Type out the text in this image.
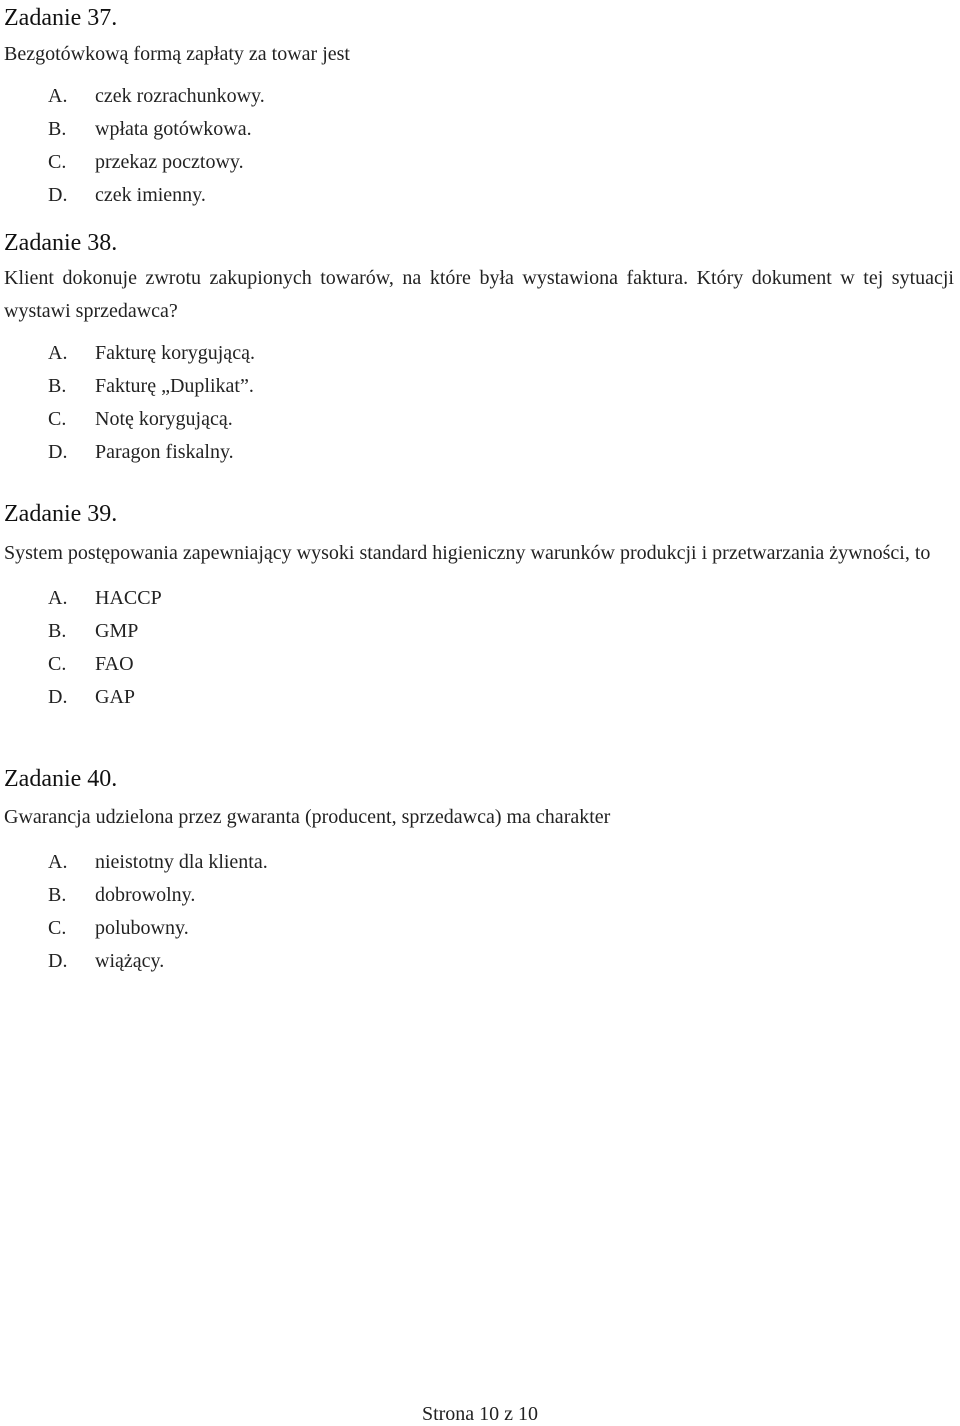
Zadanie 37.

Bezgotówkową formą zapłaty za towar jest

A. czek rozrachunkowy.
B. wpłata gotówkowa.
C. przekaz pocztowy.
D. czek imienny.
Zadanie 38.

Klient dokonuje zwrotu zakupionych towarów, na które była wystawiona faktura. Który dokument w tej sytuacji wystawi sprzedawca?

A. Fakturę korygującą.
B. Fakturę „Duplikat”.
C. Notę korygującą.
D. Paragon fiskalny.
Zadanie 39.

System postępowania zapewniający wysoki standard higieniczny warunków produkcji i przetwarzania żywności, to

A. HACCP
B. GMP
C. FAO
D. GAP
Zadanie 40.

Gwarancja udzielona przez gwaranta (producent, sprzedawca) ma charakter

A. nieistotny dla klienta.
B. dobrowolny.
C. polubowny.
D. wiążący.
Strona 10 z 10
